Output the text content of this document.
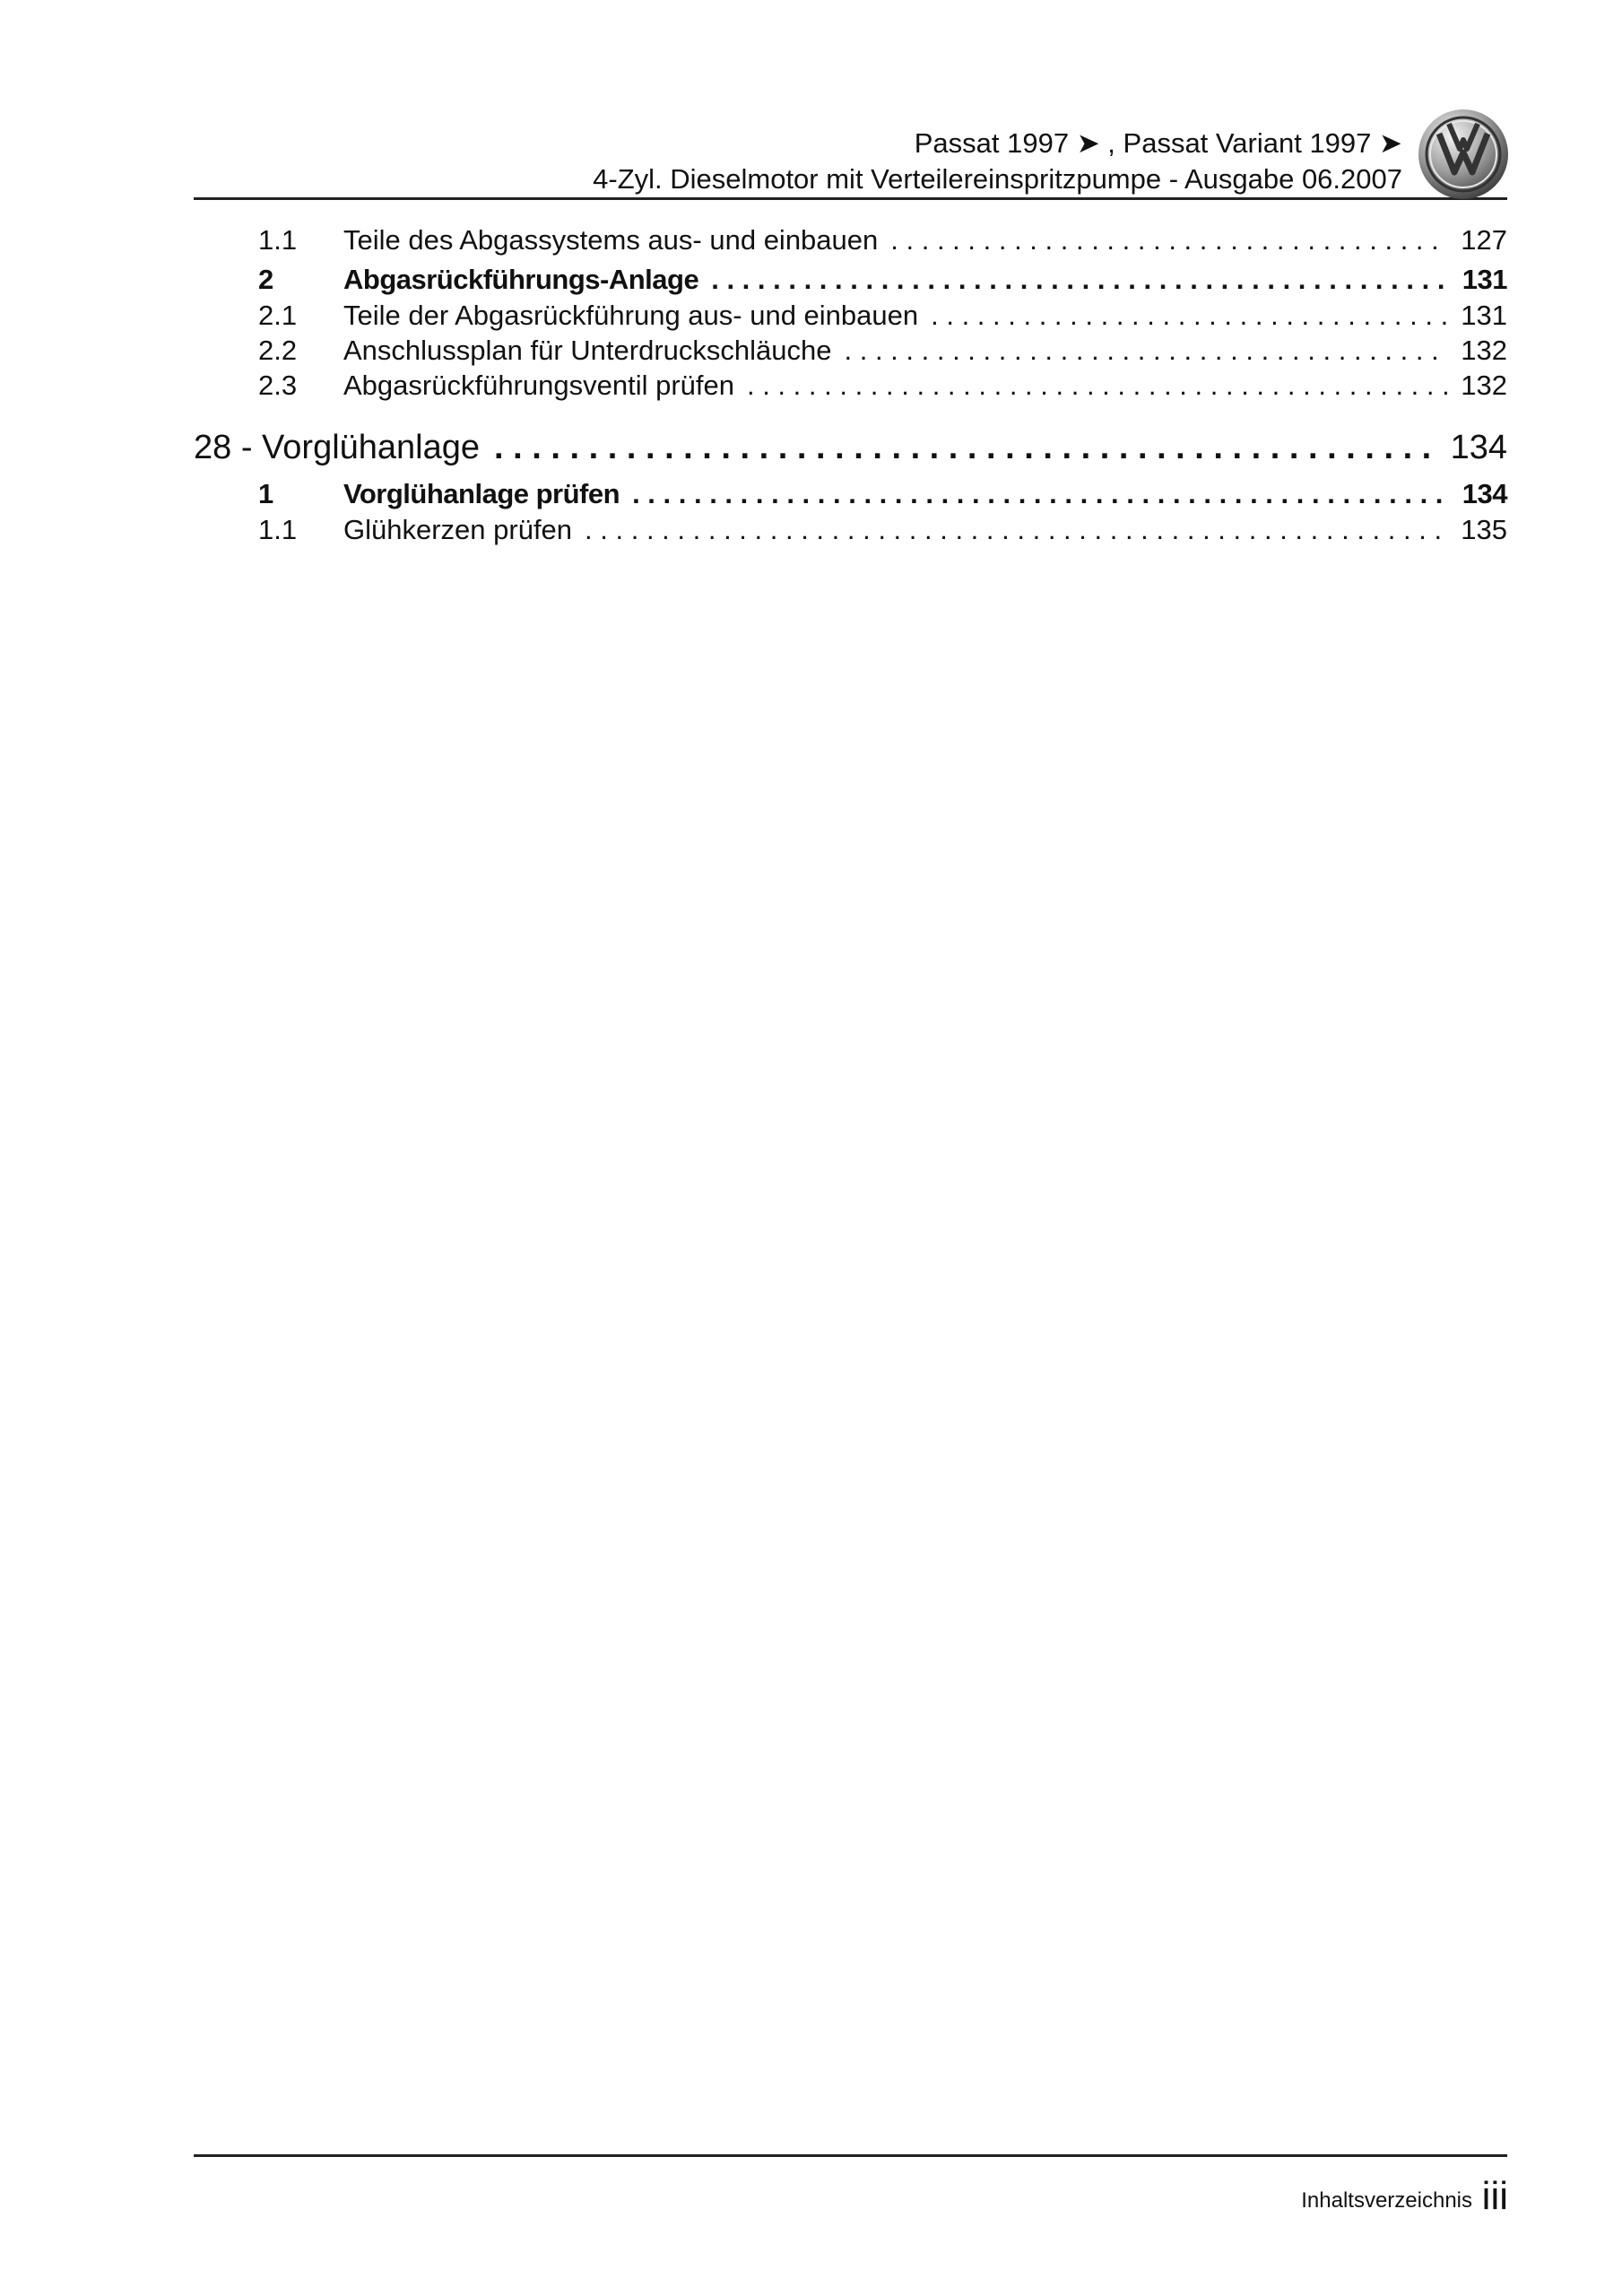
Passat 1997 ➤ , Passat Variant 1997 ➤
4-Zyl. Dieselmotor mit Verteilereinspritzpumpe - Ausgabe 06.2007
1.1	Teile des Abgassystems aus- und einbauen . . .	127
2	Abgasrückführungs-Anlage . . .	131
2.1	Teile der Abgasrückführung aus- und einbauen . . .	131
2.2	Anschlussplan für Unterdruckschläuche . . .	132
2.3	Abgasrückführungsventil prüfen . . .	132
28 - Vorglühanlage . . .	134
1	Vorglühanlage prüfen . . .	134
1.1	Glühkerzen prüfen . . .	135
Inhaltsverzeichnis iii
